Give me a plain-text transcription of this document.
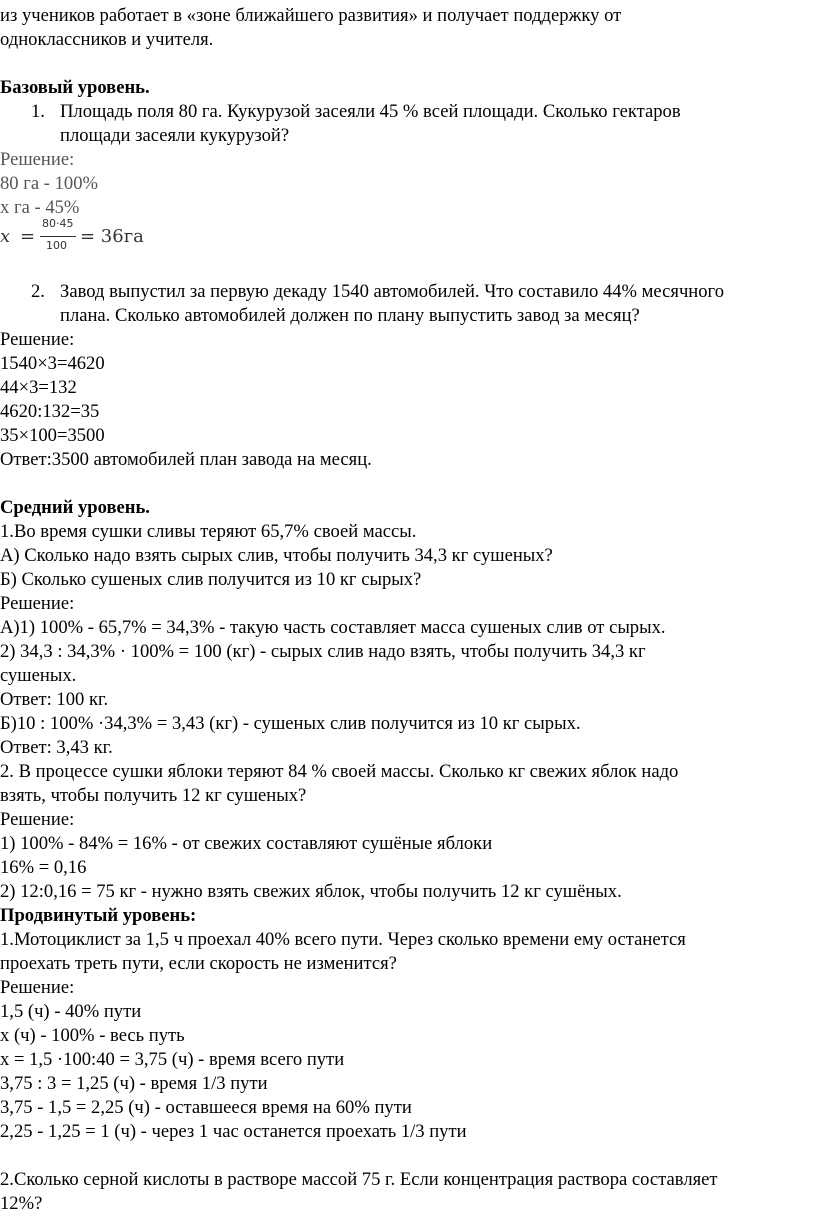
из учеников работает в «зоне ближайшего развития» и получает поддержку от
одноклассников и учителя.
Базовый уровень.
1. Площадь поля 80 га. Кукурузой засеяли 45 % всей площади. Сколько гектаров
площади засеяли кукурузой?
Решение:
80 га - 100%
х га - 45%
x =
80·45
100 = 36га
2. Завод выпустил за первую декаду 1540 автомобилей. Что составило 44% месячного
плана. Сколько автомобилей должен по плану выпустить завод за месяц?
Решение:
1540×3=4620
44×3=132
4620:132=35
35×100=3500
Ответ:3500 автомобилей план завода на месяц.
Средний уровень.
1.Во время сушки сливы теряют 65,7% своей массы.
А) Сколько надо взять сырых слив, чтобы получить 34,3 кг сушеных?
Б) Сколько сушеных слив получится из 10 кг сырых?
Решение:
А)1) 100% - 65,7% = 34,3% - такую часть составляет масса сушеных слив от сырых.
2) 34,3 : 34,3% · 100% = 100 (кг) - сырых слив надо взять, чтобы получить 34,3 кг
сушеных.
Ответ: 100 кг.
Б)10 : 100% ·34,3% = 3,43 (кг) - сушеных слив получится из 10 кг сырых.
Ответ: 3,43 кг.
2. В процессе сушки яблоки теряют 84 % своей массы. Сколько кг свежих яблок надо
взять, чтобы получить 12 кг сушеных?
Решение:
1) 100% - 84% = 16% - от свежих составляют сушёные яблоки
16% = 0,16
2) 12:0,16 = 75 кг - нужно взять свежих яблок, чтобы получить 12 кг сушёных.
Продвинутый уровень:
1.Мотоциклист за 1,5 ч проехал 40% всего пути. Через сколько времени ему останется
проехать треть пути, если скорость не изменится?
Решение:
1,5 (ч) - 40% пути
х (ч) - 100% - весь путь
х = 1,5 ·100:40 = 3,75 (ч) - время всего пути
3,75 : 3 = 1,25 (ч) - время 1/3 пути
3,75 - 1,5 = 2,25 (ч) - оставшееся время на 60% пути
2,25 - 1,25 = 1 (ч) - через 1 час останется проехать 1/3 пути
2.Сколько серной кислоты в растворе массой 75 г. Если концентрация раствора составляет
12%?
